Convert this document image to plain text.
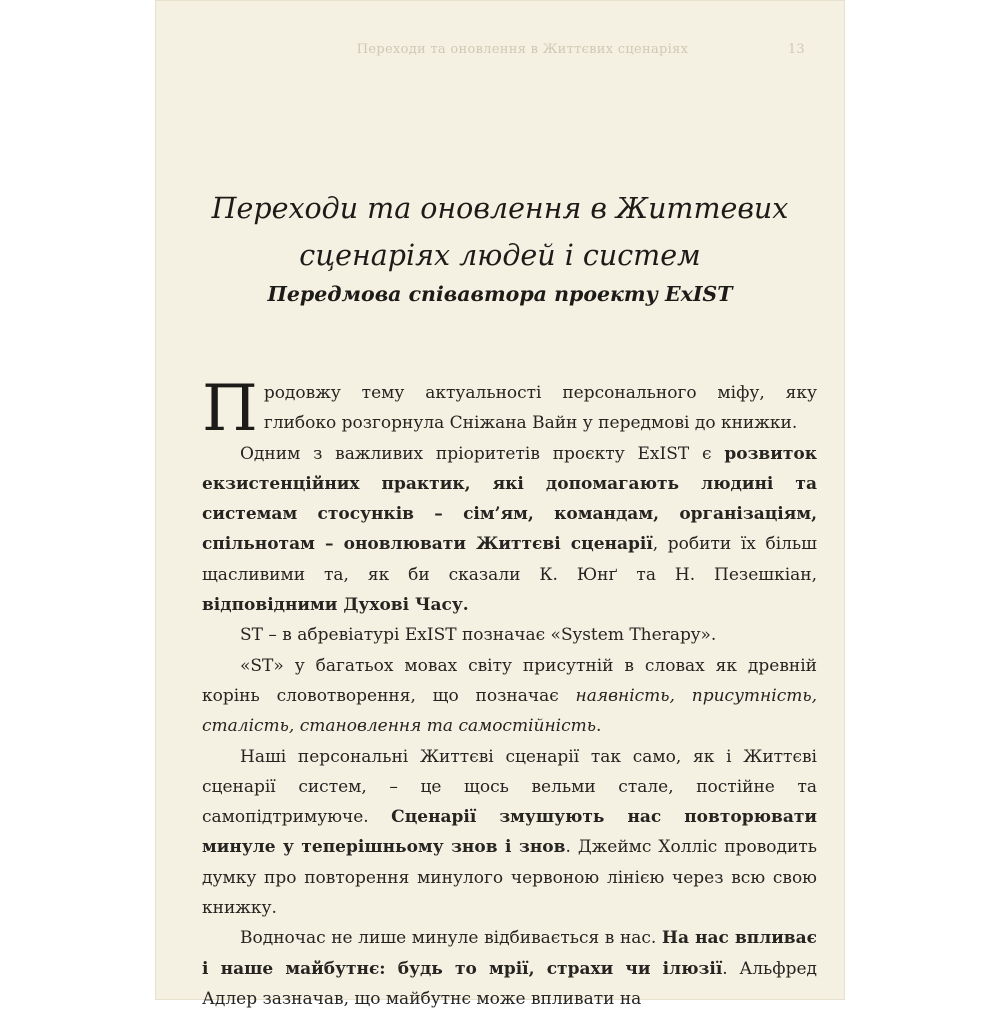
Переходи та оновлення в Життєвих сценаріях	13
Переходи та оновлення в Життевих
сценаріях людей і систем
Передмова співавтора проекту ExIST

Продовжу тему актуальності персонального міфу, яку глибоко розгорнула Сніжана Вайн у передмові до книжки.

Одним з важливих пріоритетів проєкту ExIST є розвиток екзистенційних практик, які допомагають людині та системам стосунків – сім’ям, командам, організаціям, спільнотам – оновлювати Життєві сценарії, робити їх більш щасливими та, як би сказали К. Юнґ та Н. Пезешкіан, відповідними Духові Часу.

ST – в абревіатурі ExIST позначає «System Therapy».

«ST» у багатьох мовах світу присутній в словах як древній корінь словотворення, що позначає наявність, присутність, сталість, становлення та самостійність.

Наші персональні Життєві сценарії так само, як і Життєві сценарії систем, – це щось вельми стале, постійне та самопідтримуюче. Сценарії змушують нас повторювати минуле у теперішньому знов і знов. Джеймс Холліс проводить думку про повторення минулого червоною лінією через всю свою книжку.

Водночас не лише минуле відбивається в нас. На нас впливає і наше майбутнє: будь то мрії, страхи чи ілюзії. Альфред Адлер зазначав, що майбутнє може впливати на
